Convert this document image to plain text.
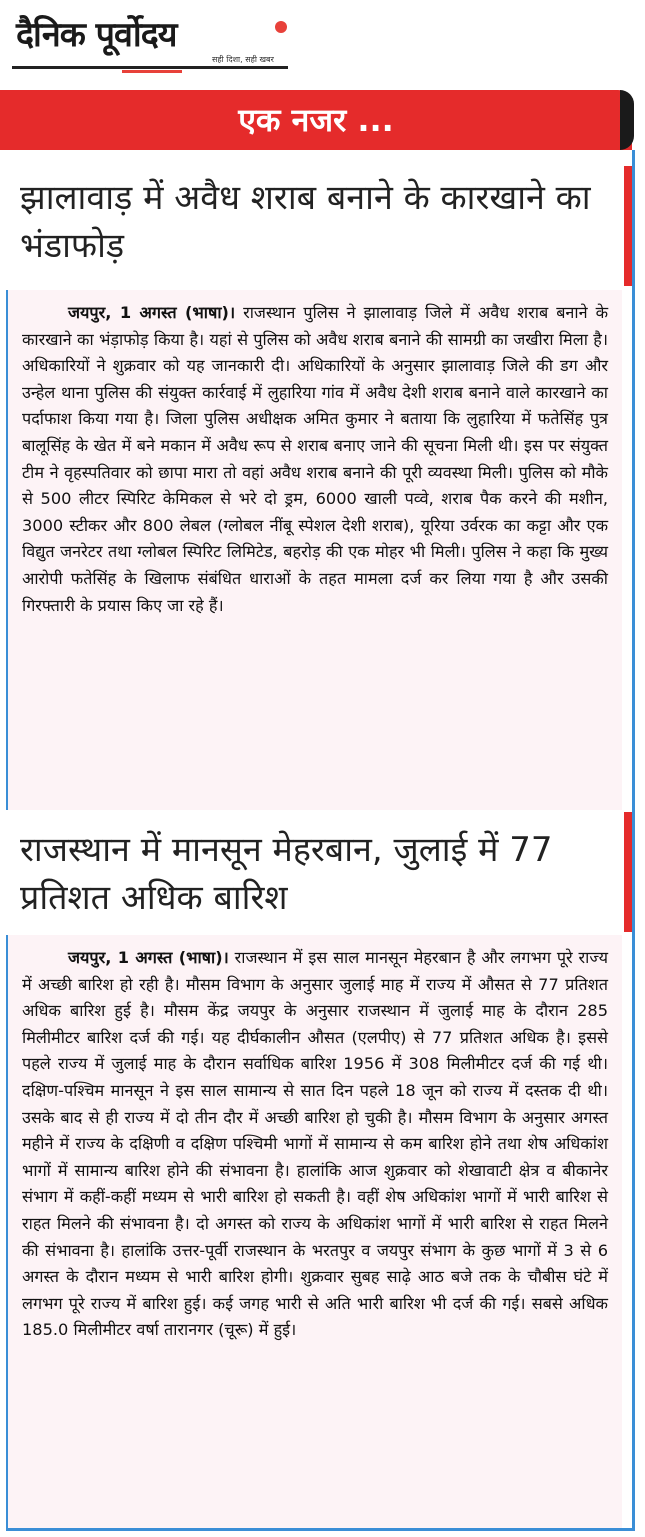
दैनिक पूर्वोदय
सही दिशा, सही खबर
एक नजर ...
झालावाड़ में अवैध शराब बनाने के कारखाने का भंडाफोड़

जयपुर, 1 अगस्त (भाषा)। राजस्थान पुलिस ने झालावाड़ जिले में अवैध शराब बनाने के कारखाने का भंड़ाफोड़ किया है। यहां से पुलिस को अवैध शराब बनाने की सामग्री का जखीरा मिला है। अधिकारियों ने शुक्रवार को यह जानकारी दी। अधिकारियों के अनुसार झालावाड़ जिले की डग और उन्हेल थाना पुलिस की संयुक्त कार्रवाई में लुहारिया गांव में अवैध देशी शराब बनाने वाले कारखाने का पर्दाफाश किया गया है। जिला पुलिस अधीक्षक अमित कुमार ने बताया कि लुहारिया में फतेसिंह पुत्र बालूसिंह के खेत में बने मकान में अवैध रूप से शराब बनाए जाने की सूचना मिली थी। इस पर संयुक्त टीम ने वृहस्पतिवार को छापा मारा तो वहां अवैध शराब बनाने की पूरी व्यवस्था मिली। पुलिस को मौके से 500 लीटर स्पिरिट केमिकल से भरे दो ड्रम, 6000 खाली पव्वे, शराब पैक करने की मशीन, 3000 स्टीकर और 800 लेबल (ग्लोबल नींबू स्पेशल देशी शराब), यूरिया उर्वरक का कट्टा और एक विद्युत जनरेटर तथा ग्लोबल स्पिरिट लिमिटेड, बहरोड़ की एक मोहर भी मिली। पुलिस ने कहा कि मुख्य आरोपी फतेसिंह के खिलाफ संबंधित धाराओं के तहत मामला दर्ज कर लिया गया है और उसकी गिरफ्तारी के प्रयास किए जा रहे हैं।

राजस्थान में मानसून मेहरबान, जुलाई में 77 प्रतिशत अधिक बारिश

जयपुर, 1 अगस्त (भाषा)। राजस्थान में इस साल मानसून मेहरबान है और लगभग पूरे राज्य में अच्छी बारिश हो रही है। मौसम विभाग के अनुसार जुलाई माह में राज्य में औसत से 77 प्रतिशत अधिक बारिश हुई है। मौसम केंद्र जयपुर के अनुसार राजस्थान में जुलाई माह के दौरान 285 मिलीमीटर बारिश दर्ज की गई। यह दीर्घकालीन औसत (एलपीए) से 77 प्रतिशत अधिक है। इससे पहले राज्य में जुलाई माह के दौरान सर्वाधिक बारिश 1956 में 308 मिलीमीटर दर्ज की गई थी। दक्षिण-पश्चिम मानसून ने इस साल सामान्य से सात दिन पहले 18 जून को राज्य में दस्तक दी थी। उसके बाद से ही राज्य में दो तीन दौर में अच्छी बारिश हो चुकी है। मौसम विभाग के अनुसार अगस्त महीने में राज्य के दक्षिणी व दक्षिण पश्चिमी भागों में सामान्य से कम बारिश होने तथा शेष अधिकांश भागों में सामान्य बारिश होने की संभावना है। हालांकि आज शुक्रवार को शेखावाटी क्षेत्र व बीकानेर संभाग में कहीं-कहीं मध्यम से भारी बारिश हो सकती है। वहीं शेष अधिकांश भागों में भारी बारिश से राहत मिलने की संभावना है। दो अगस्त को राज्य के अधिकांश भागों में भारी बारिश से राहत मिलने की संभावना है। हालांकि उत्तर-पूर्वी राजस्थान के भरतपुर व जयपुर संभाग के कुछ भागों में 3 से 6 अगस्त के दौरान मध्यम से भारी बारिश होगी। शुक्रवार सुबह साढ़े आठ बजे तक के चौबीस घंटे में लगभग पूरे राज्य में बारिश हुई। कई जगह भारी से अति भारी बारिश भी दर्ज की गई। सबसे अधिक 185.0 मिलीमीटर वर्षा तारानगर (चूरू) में हुई।
